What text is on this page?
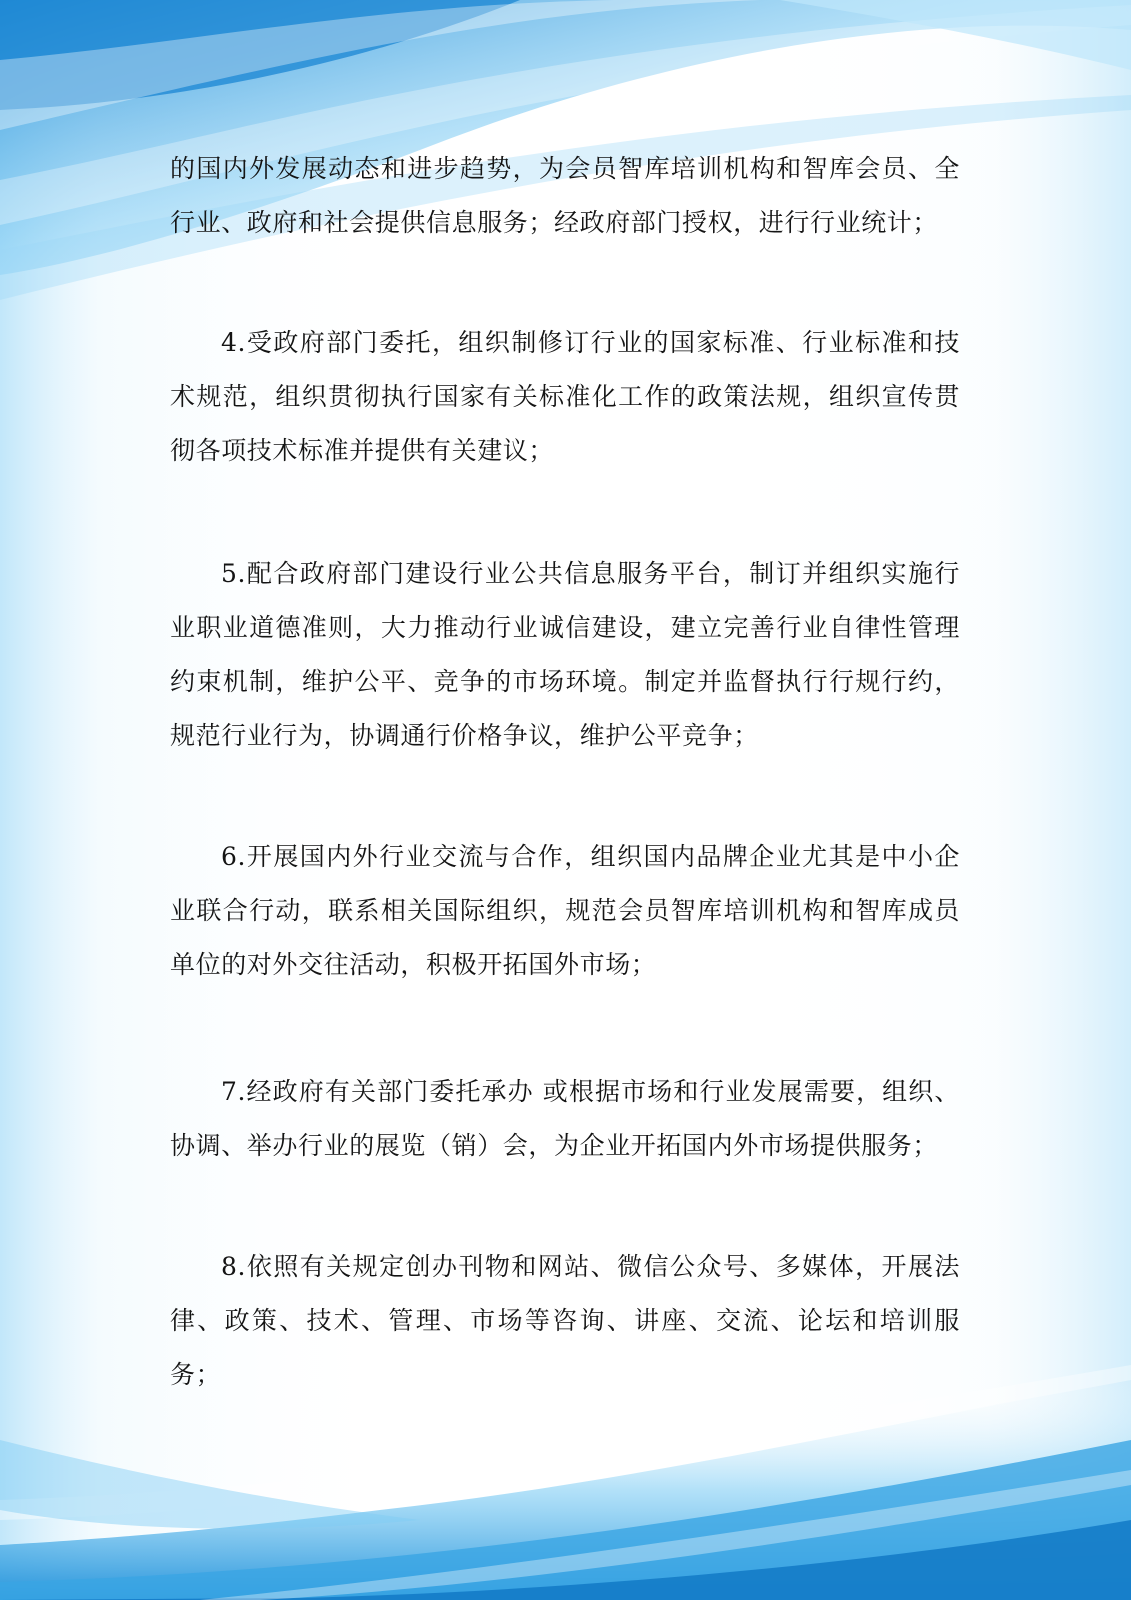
的国内外发展动态和进步趋势，为会员智库培训机构和智库会员、全行业、政府和社会提供信息服务；经政府部门授权，进行行业统计；

4.受政府部门委托，组织制修订行业的国家标准、行业标准和技术规范，组织贯彻执行国家有关标准化工作的政策法规，组织宣传贯彻各项技术标准并提供有关建议；

5.配合政府部门建设行业公共信息服务平台，制订并组织实施行业职业道德准则，大力推动行业诚信建设，建立完善行业自律性管理约束机制，维护公平、竞争的市场环境。制定并监督执行行规行约，规范行业行为，协调通行价格争议，维护公平竞争；

6.开展国内外行业交流与合作，组织国内品牌企业尤其是中小企业联合行动，联系相关国际组织，规范会员智库培训机构和智库成员单位的对外交往活动，积极开拓国外市场；

7.经政府有关部门委托承办 或根据市场和行业发展需要，组织、协调、举办行业的展览（销）会，为企业开拓国内外市场提供服务；

8.依照有关规定创办刊物和网站、微信公众号、多媒体，开展法律、政策、技术、管理、市场等咨询、讲座、交流、论坛和培训服务；
